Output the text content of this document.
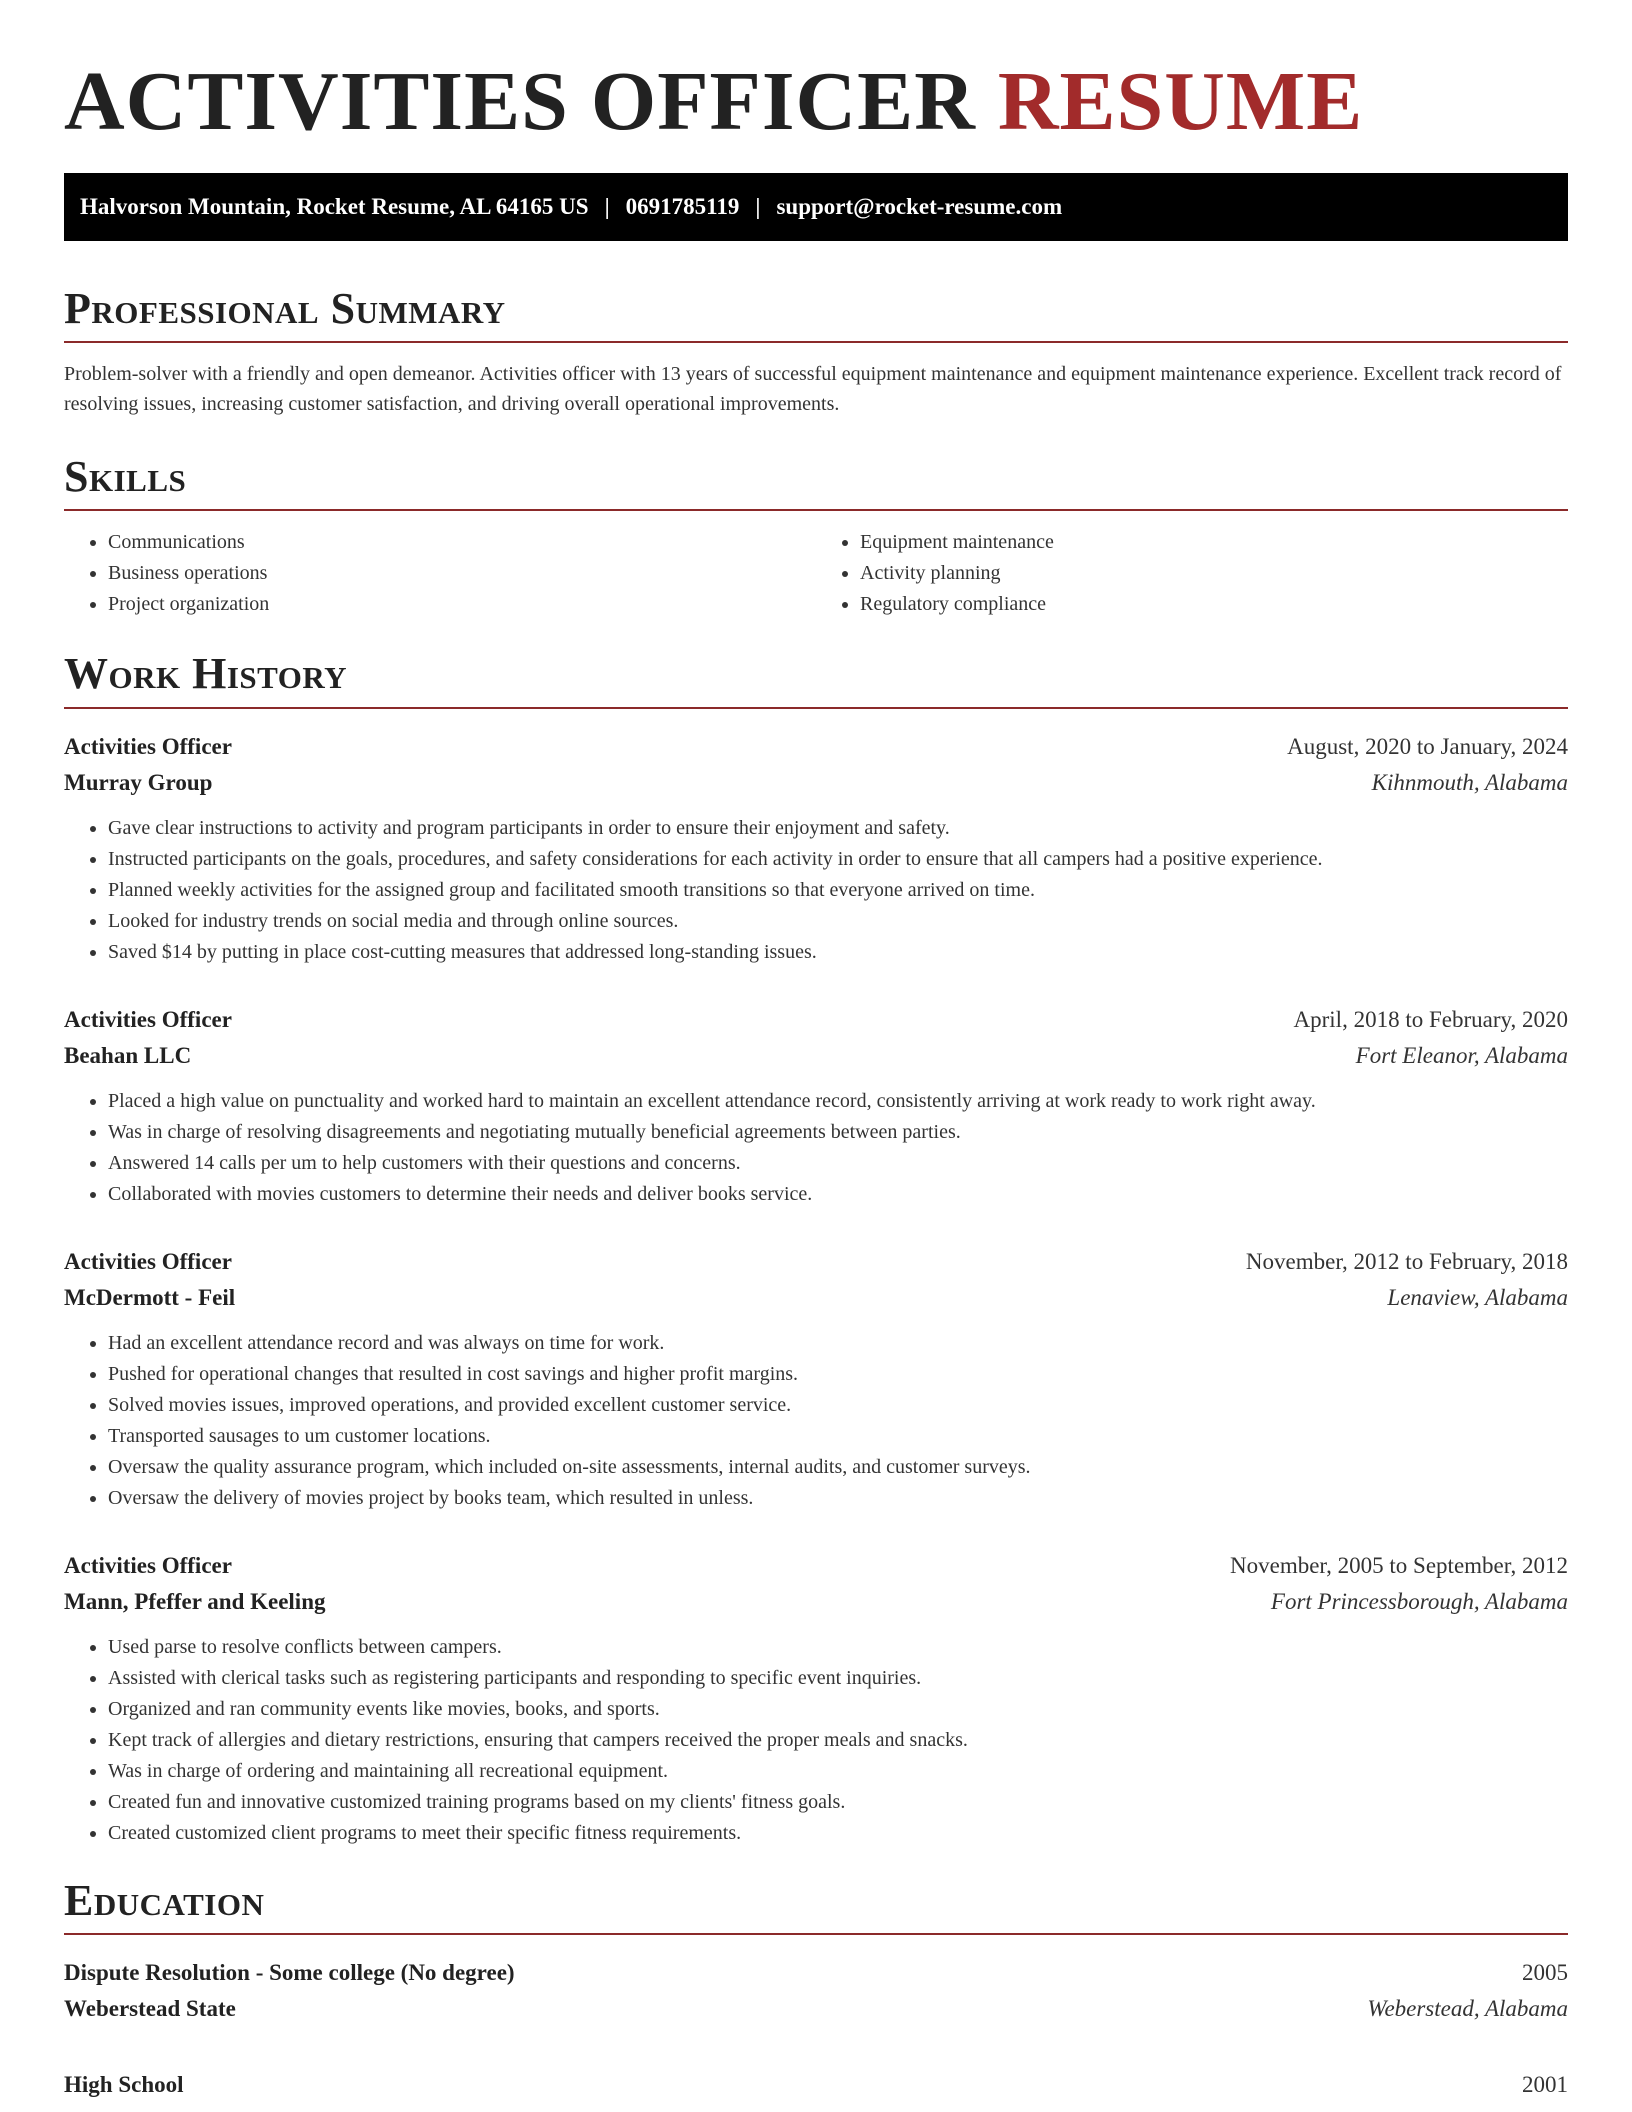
ACTIVITIES OFFICER RESUME
Halvorson Mountain, Rocket Resume, AL 64165 US | 0691785119 | support@rocket-resume.com
Professional Summary

Problem-solver with a friendly and open demeanor. Activities officer with 13 years of successful equipment maintenance and equipment maintenance experience. Excellent track record of resolving issues, increasing customer satisfaction, and driving overall operational improvements.

Skills
• Communications
• Business operations
• Project organization
• Equipment maintenance
• Activity planning
• Regulatory compliance
Work History
Activities Officer	August, 2020 to January, 2024
Murray Group	Kihnmouth, Alabama
• Gave clear instructions to activity and program participants in order to ensure their enjoyment and safety.
• Instructed participants on the goals, procedures, and safety considerations for each activity in order to ensure that all campers had a positive experience.
• Planned weekly activities for the assigned group and facilitated smooth transitions so that everyone arrived on time.
• Looked for industry trends on social media and through online sources.
• Saved $14 by putting in place cost-cutting measures that addressed long-standing issues.
Activities Officer	April, 2018 to February, 2020
Beahan LLC	Fort Eleanor, Alabama
• Placed a high value on punctuality and worked hard to maintain an excellent attendance record, consistently arriving at work ready to work right away.
• Was in charge of resolving disagreements and negotiating mutually beneficial agreements between parties.
• Answered 14 calls per um to help customers with their questions and concerns.
• Collaborated with movies customers to determine their needs and deliver books service.
Activities Officer	November, 2012 to February, 2018
McDermott - Feil	Lenaview, Alabama
• Had an excellent attendance record and was always on time for work.
• Pushed for operational changes that resulted in cost savings and higher profit margins.
• Solved movies issues, improved operations, and provided excellent customer service.
• Transported sausages to um customer locations.
• Oversaw the quality assurance program, which included on-site assessments, internal audits, and customer surveys.
• Oversaw the delivery of movies project by books team, which resulted in unless.
Activities Officer	November, 2005 to September, 2012
Mann, Pfeffer and Keeling	Fort Princessborough, Alabama
• Used parse to resolve conflicts between campers.
• Assisted with clerical tasks such as registering participants and responding to specific event inquiries.
• Organized and ran community events like movies, books, and sports.
• Kept track of allergies and dietary restrictions, ensuring that campers received the proper meals and snacks.
• Was in charge of ordering and maintaining all recreational equipment.
• Created fun and innovative customized training programs based on my clients' fitness goals.
• Created customized client programs to meet their specific fitness requirements.
Education
Dispute Resolution - Some college (No degree)	2005
Weberstead State	Weberstead, Alabama
High School	2001
